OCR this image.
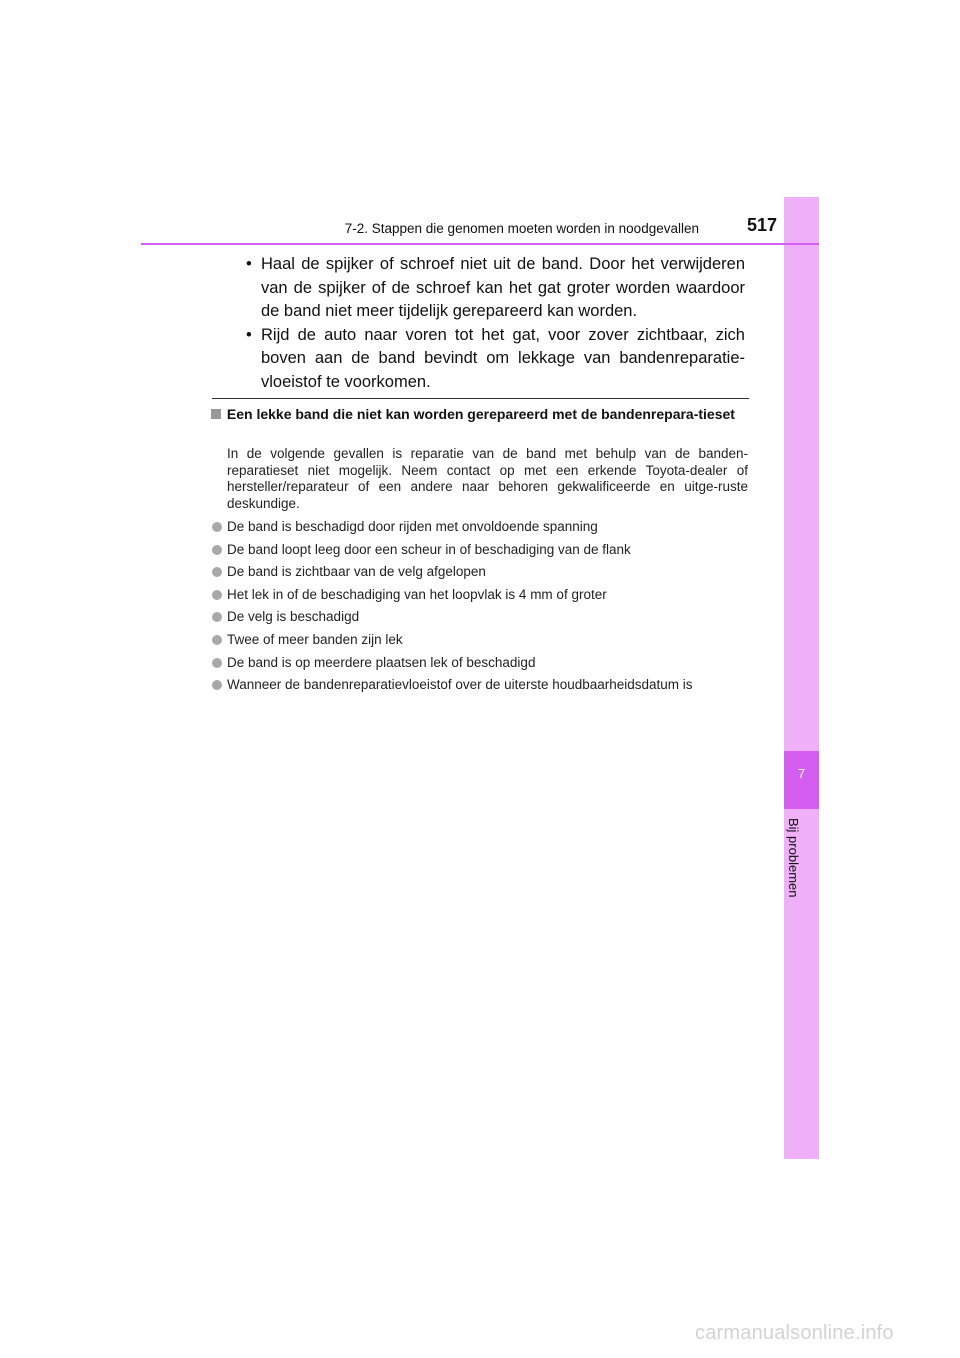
7
Bij problemen
7-2. Stappen die genomen moeten worden in noodgevallen	517
• Haal de spijker of schroef niet uit de band. Door het verwijderen van de spijker of de schroef kan het gat groter worden waardoor de band niet meer tijdelijk gerepareerd kan worden.
• Rijd de auto naar voren tot het gat, voor zover zichtbaar, zich boven aan de band bevindt om lekkage van bandenreparatie-vloeistof te voorkomen.
Een lekke band die niet kan worden gerepareerd met de bandenrepara-tieset
In de volgende gevallen is reparatie van de band met behulp van de banden-reparatieset niet mogelijk. Neem contact op met een erkende Toyota-dealer of hersteller/reparateur of een andere naar behoren gekwalificeerde en uitge-ruste deskundige.
De band is beschadigd door rijden met onvoldoende spanning
De band loopt leeg door een scheur in of beschadiging van de flank
De band is zichtbaar van de velg afgelopen
Het lek in of de beschadiging van het loopvlak is 4 mm of groter
De velg is beschadigd
Twee of meer banden zijn lek
De band is op meerdere plaatsen lek of beschadigd
Wanneer de bandenreparatievloeistof over de uiterste houdbaarheidsdatum is
carmanualsonline.info
